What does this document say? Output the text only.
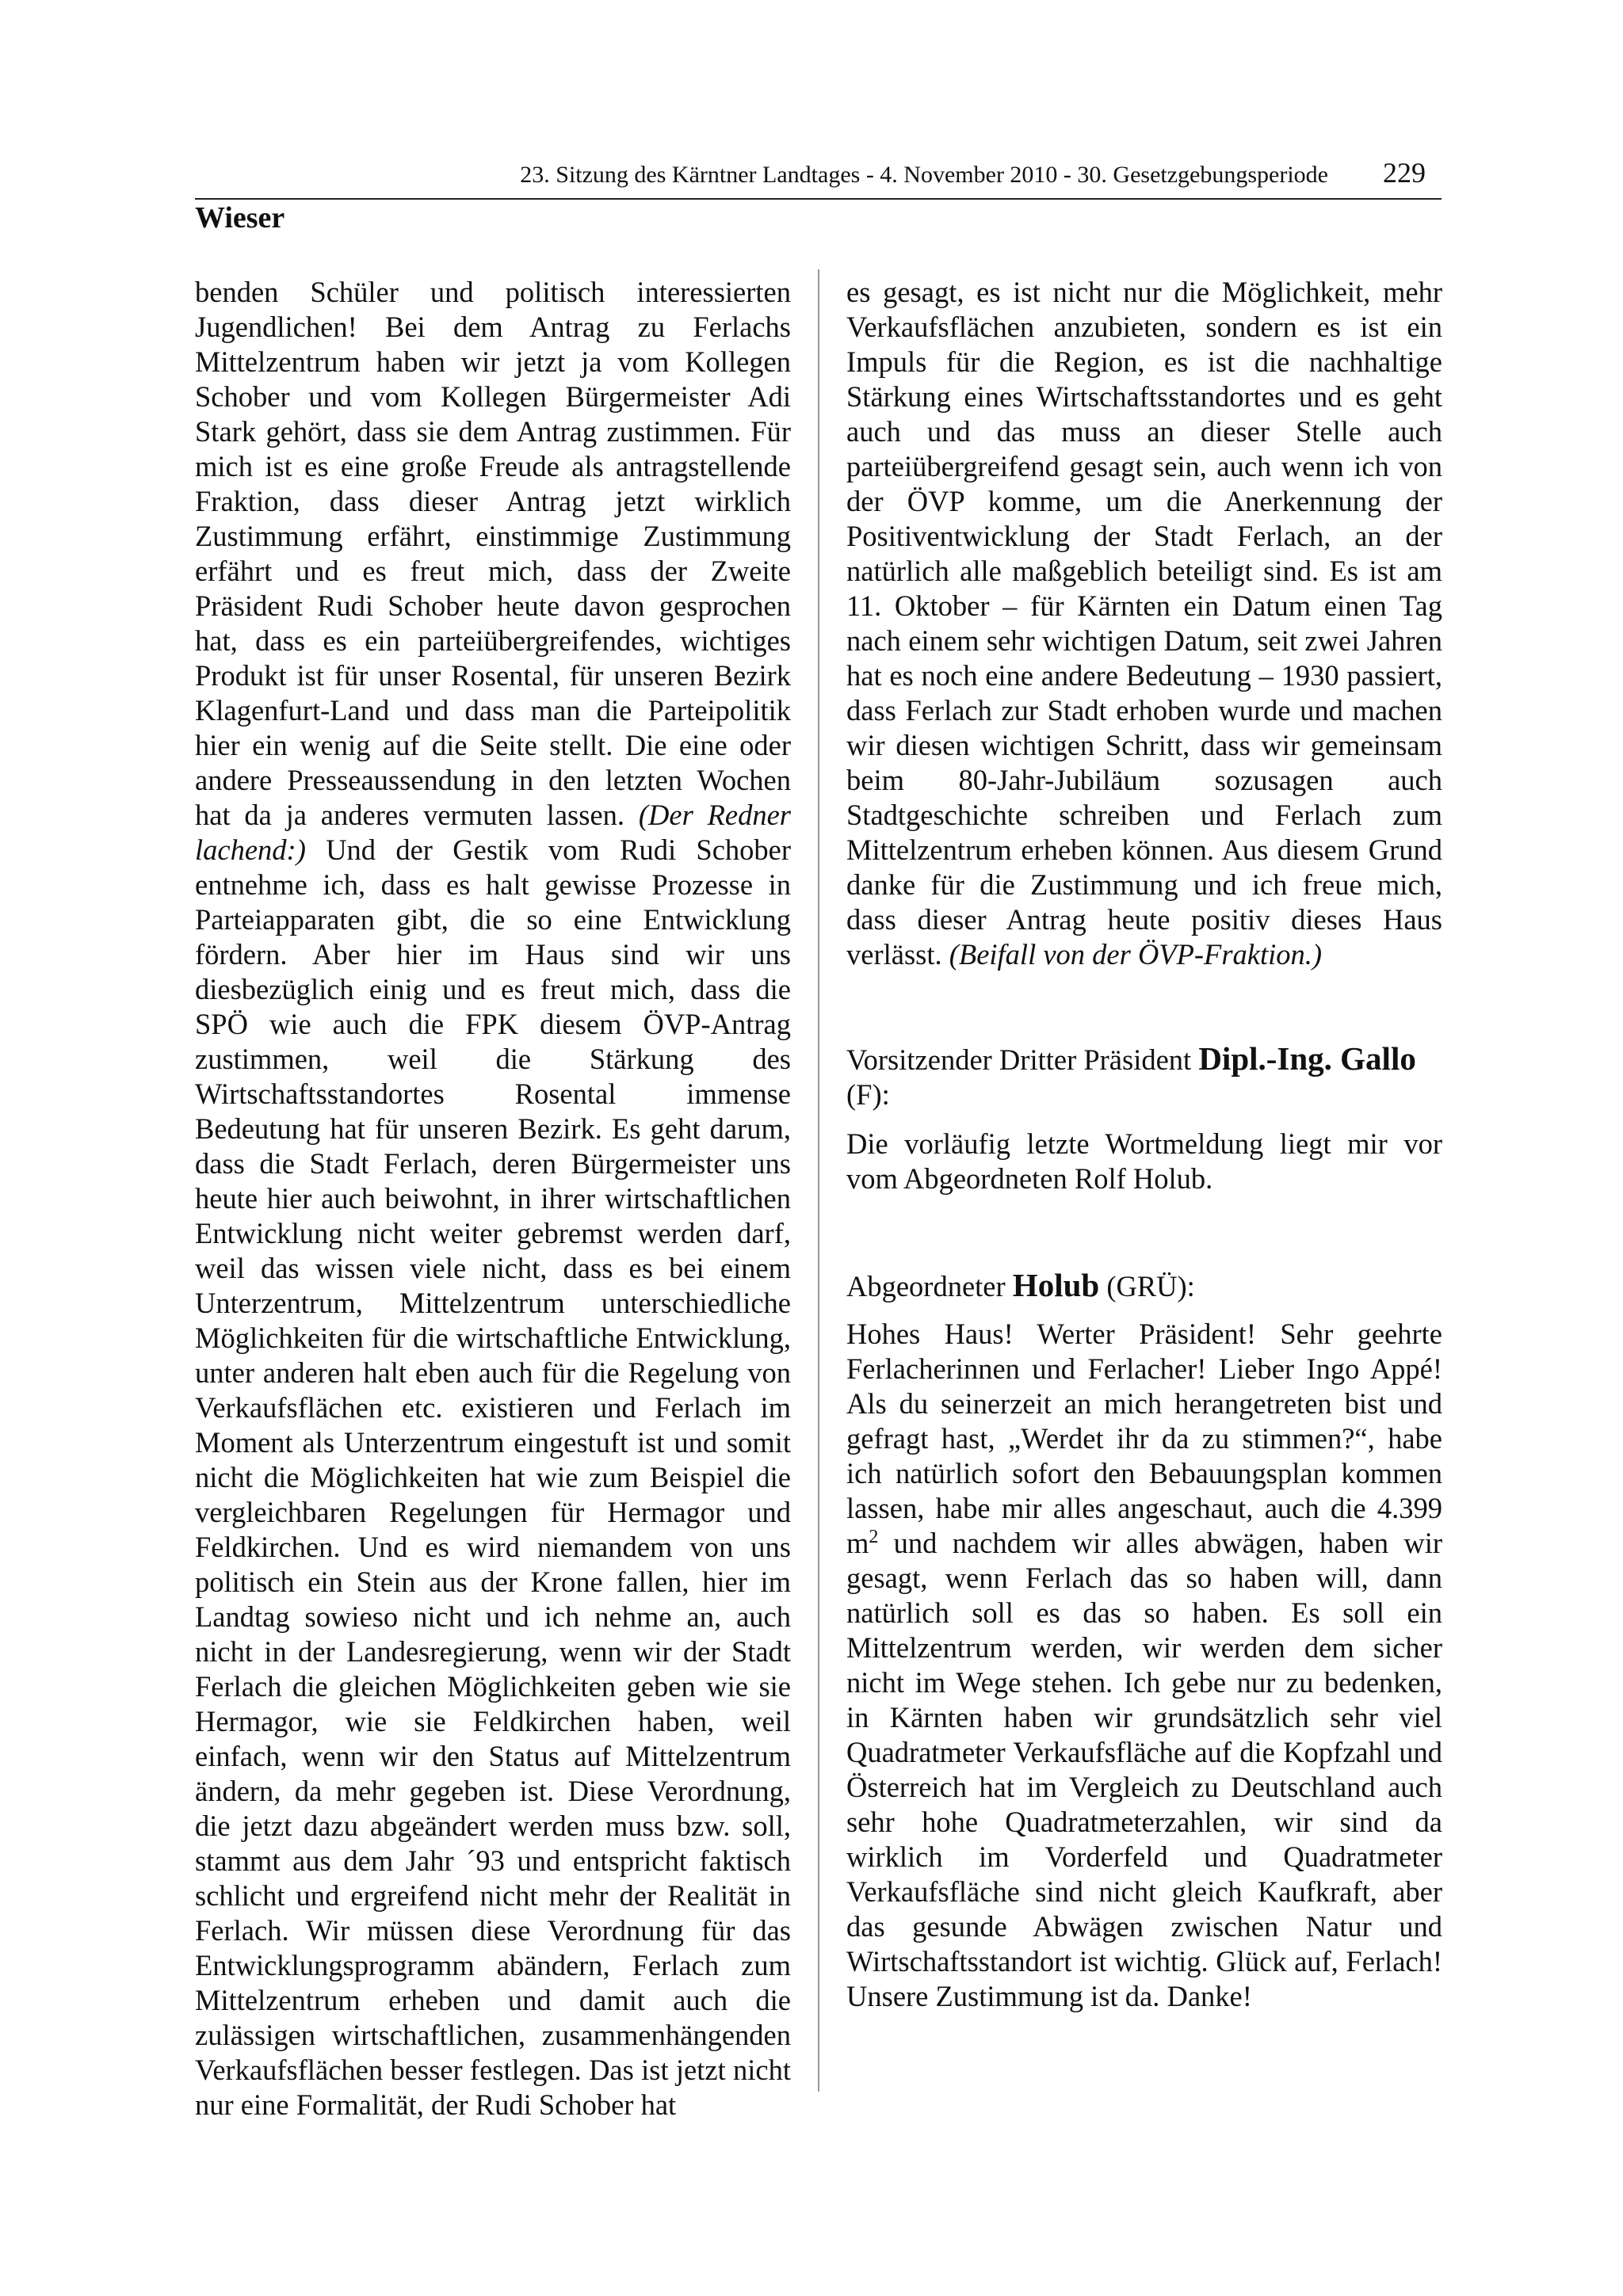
23. Sitzung des Kärntner Landtages - 4. November 2010 - 30. Gesetzgebungsperiode 229
Wieser

benden Schüler und politisch interessierten Jugendlichen! Bei dem Antrag zu Ferlachs Mittelzentrum haben wir jetzt ja vom Kollegen Schober und vom Kollegen Bürgermeister Adi Stark gehört, dass sie dem Antrag zustimmen. Für mich ist es eine große Freude als antragstellende Fraktion, dass dieser Antrag jetzt wirklich Zustimmung erfährt, einstimmige Zustimmung erfährt und es freut mich, dass der Zweite Präsident Rudi Schober heute davon gesprochen hat, dass es ein parteiübergreifendes, wichtiges Produkt ist für unser Rosental, für unseren Bezirk Klagenfurt-Land und dass man die Parteipolitik hier ein wenig auf die Seite stellt. Die eine oder andere Presseaussendung in den letzten Wochen hat da ja anderes vermuten lassen. (Der Redner lachend:) Und der Gestik vom Rudi Schober entnehme ich, dass es halt gewisse Prozesse in Parteiapparaten gibt, die so eine Entwicklung fördern. Aber hier im Haus sind wir uns diesbezüglich einig und es freut mich, dass die SPÖ wie auch die FPK diesem ÖVP-Antrag zustimmen, weil die Stärkung des Wirtschaftsstandortes Rosental immense Bedeutung hat für unseren Bezirk. Es geht darum, dass die Stadt Ferlach, deren Bürgermeister uns heute hier auch beiwohnt, in ihrer wirtschaftlichen Entwicklung nicht weiter gebremst werden darf, weil das wissen viele nicht, dass es bei einem Unterzentrum, Mittelzentrum unterschiedliche Möglichkeiten für die wirtschaftliche Entwicklung, unter anderen halt eben auch für die Regelung von Verkaufsflächen etc. existieren und Ferlach im Moment als Unterzentrum eingestuft ist und somit nicht die Möglichkeiten hat wie zum Beispiel die vergleichbaren Regelungen für Hermagor und Feldkirchen. Und es wird niemandem von uns politisch ein Stein aus der Krone fallen, hier im Landtag sowieso nicht und ich nehme an, auch nicht in der Landesregierung, wenn wir der Stadt Ferlach die gleichen Möglichkeiten geben wie sie Hermagor, wie sie Feldkirchen haben, weil einfach, wenn wir den Status auf Mittelzentrum ändern, da mehr gegeben ist. Diese Verordnung, die jetzt dazu abgeändert werden muss bzw. soll, stammt aus dem Jahr ´93 und entspricht faktisch schlicht und ergreifend nicht mehr der Realität in Ferlach. Wir müssen diese Verordnung für das Entwicklungsprogramm abändern, Ferlach zum Mittelzentrum erheben und damit auch die zulässigen wirtschaftlichen, zusammenhängenden Verkaufsflächen besser festlegen. Das ist jetzt nicht nur eine Formalität, der Rudi Schober hat

es gesagt, es ist nicht nur die Möglichkeit, mehr Verkaufsflächen anzubieten, sondern es ist ein Impuls für die Region, es ist die nachhaltige Stärkung eines Wirtschaftsstandortes und es geht auch und das muss an dieser Stelle auch parteiübergreifend gesagt sein, auch wenn ich von der ÖVP komme, um die Anerkennung der Positiventwicklung der Stadt Ferlach, an der natürlich alle maßgeblich beteiligt sind. Es ist am 11. Oktober – für Kärnten ein Datum einen Tag nach einem sehr wichtigen Datum, seit zwei Jahren hat es noch eine andere Bedeutung – 1930 passiert, dass Ferlach zur Stadt erhoben wurde und machen wir diesen wichtigen Schritt, dass wir gemeinsam beim 80-Jahr-Jubiläum sozusagen auch Stadtgeschichte schreiben und Ferlach zum Mittelzentrum erheben können. Aus diesem Grund danke für die Zustimmung und ich freue mich, dass dieser Antrag heute positiv dieses Haus verlässt. (Beifall von der ÖVP-Fraktion.)

Vorsitzender Dritter Präsident Dipl.-Ing. Gallo
(F):

Die vorläufig letzte Wortmeldung liegt mir vor vom Abgeordneten Rolf Holub.

Abgeordneter Holub (GRÜ):

Hohes Haus! Werter Präsident! Sehr geehrte Ferlacherinnen und Ferlacher! Lieber Ingo Appé! Als du seinerzeit an mich herangetreten bist und gefragt hast, „Werdet ihr da zu stimmen?“, habe ich natürlich sofort den Bebauungsplan kommen lassen, habe mir alles angeschaut, auch die 4.399 $m^2$ und nachdem wir alles abwägen, haben wir gesagt, wenn Ferlach das so haben will, dann natürlich soll es das so haben. Es soll ein Mittelzentrum werden, wir werden dem sicher nicht im Wege stehen. Ich gebe nur zu bedenken, in Kärnten haben wir grundsätzlich sehr viel Quadratmeter Verkaufsfläche auf die Kopfzahl und Österreich hat im Vergleich zu Deutschland auch sehr hohe Quadratmeterzahlen, wir sind da wirklich im Vorderfeld und Quadratmeter Verkaufsfläche sind nicht gleich Kaufkraft, aber das gesunde Abwägen zwischen Natur und Wirtschaftsstandort ist wichtig. Glück auf, Ferlach! Unsere Zustimmung ist da. Danke!
